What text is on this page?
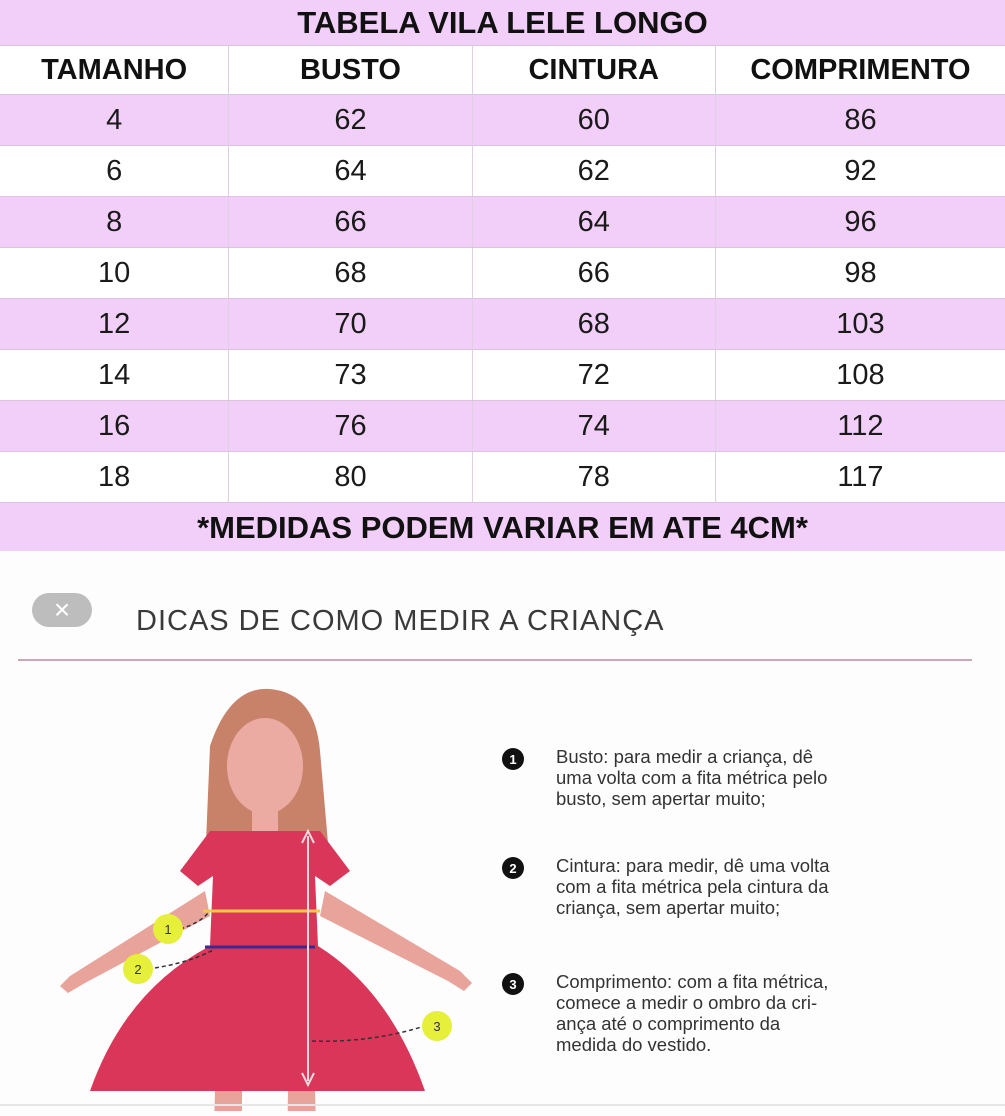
TABELA VILA LELE LONGO
TAMANHO	BUSTO	CINTURA	COMPRIMENTO
4	62	60	86
6	64	62	92
8	66	64	96
10	68	66	98
12	70	68	103
14	73	72	108
16	76	74	112
18	80	78	117
*MEDIDAS PODEM VARIAR EM ATE 4CM*
×	DICAS DE COMO MEDIR A CRIANÇA
1
2
3
1	Busto: para medir a criança, dê
uma volta com a fita métrica pelo
busto, sem apertar muito;
2	Cintura: para medir, dê uma volta
com a fita métrica pela cintura da
criança, sem apertar muito;
3	Comprimento: com a fita métrica,
comece a medir o ombro da cri-
ança até o comprimento da
medida do vestido.
